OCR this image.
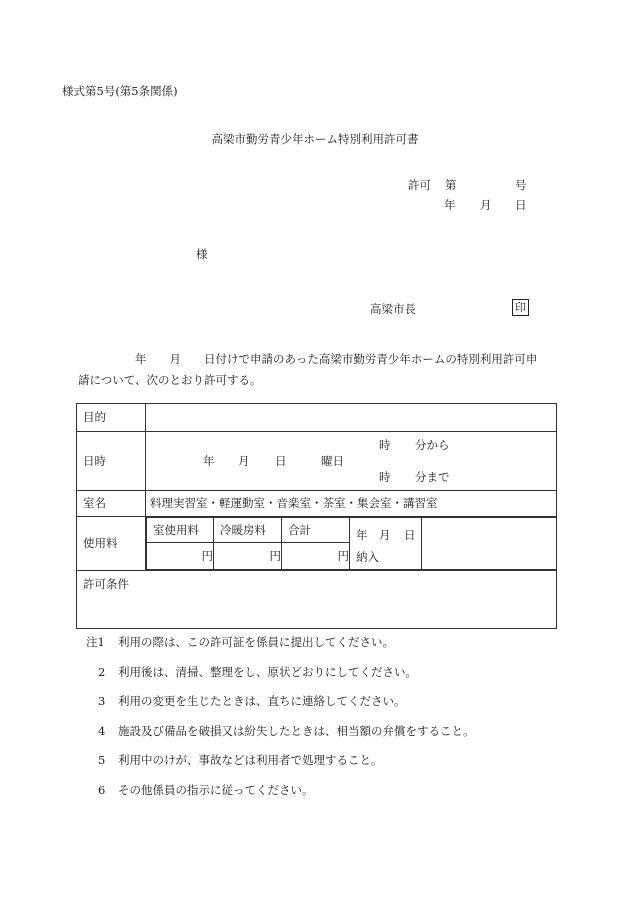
様式第5号(第5条関係)
高梁市勤労青少年ホーム特別利用許可書
許可 第	号
年 月 日
様
高梁市長	印
年　　月　　日付けで申請のあった高梁市勤労青少年ホームの特別利用許可申
請について、次のとおり許可する。
目的	
日時	年 月 日	曜日
時 分から
時 分まで

室名	料理実習室・軽運動室・音楽室・茶室・集会室・講習室
使用料	
室使用料	冷暖房料	合計	年 月 日
納入

円	円	円

許可条件
注1 利用の際は、この許可証を係員に提出してください。
2 利用後は、清掃、整理をし、原状どおりにしてください。
3 利用の変更を生じたときは、直ちに連絡してください。
4 施設及び備品を破損又は紛失したときは、相当額の弁償をすること。
5 利用中のけが、事故などは利用者で処理すること。
6 その他係員の指示に従ってください。
